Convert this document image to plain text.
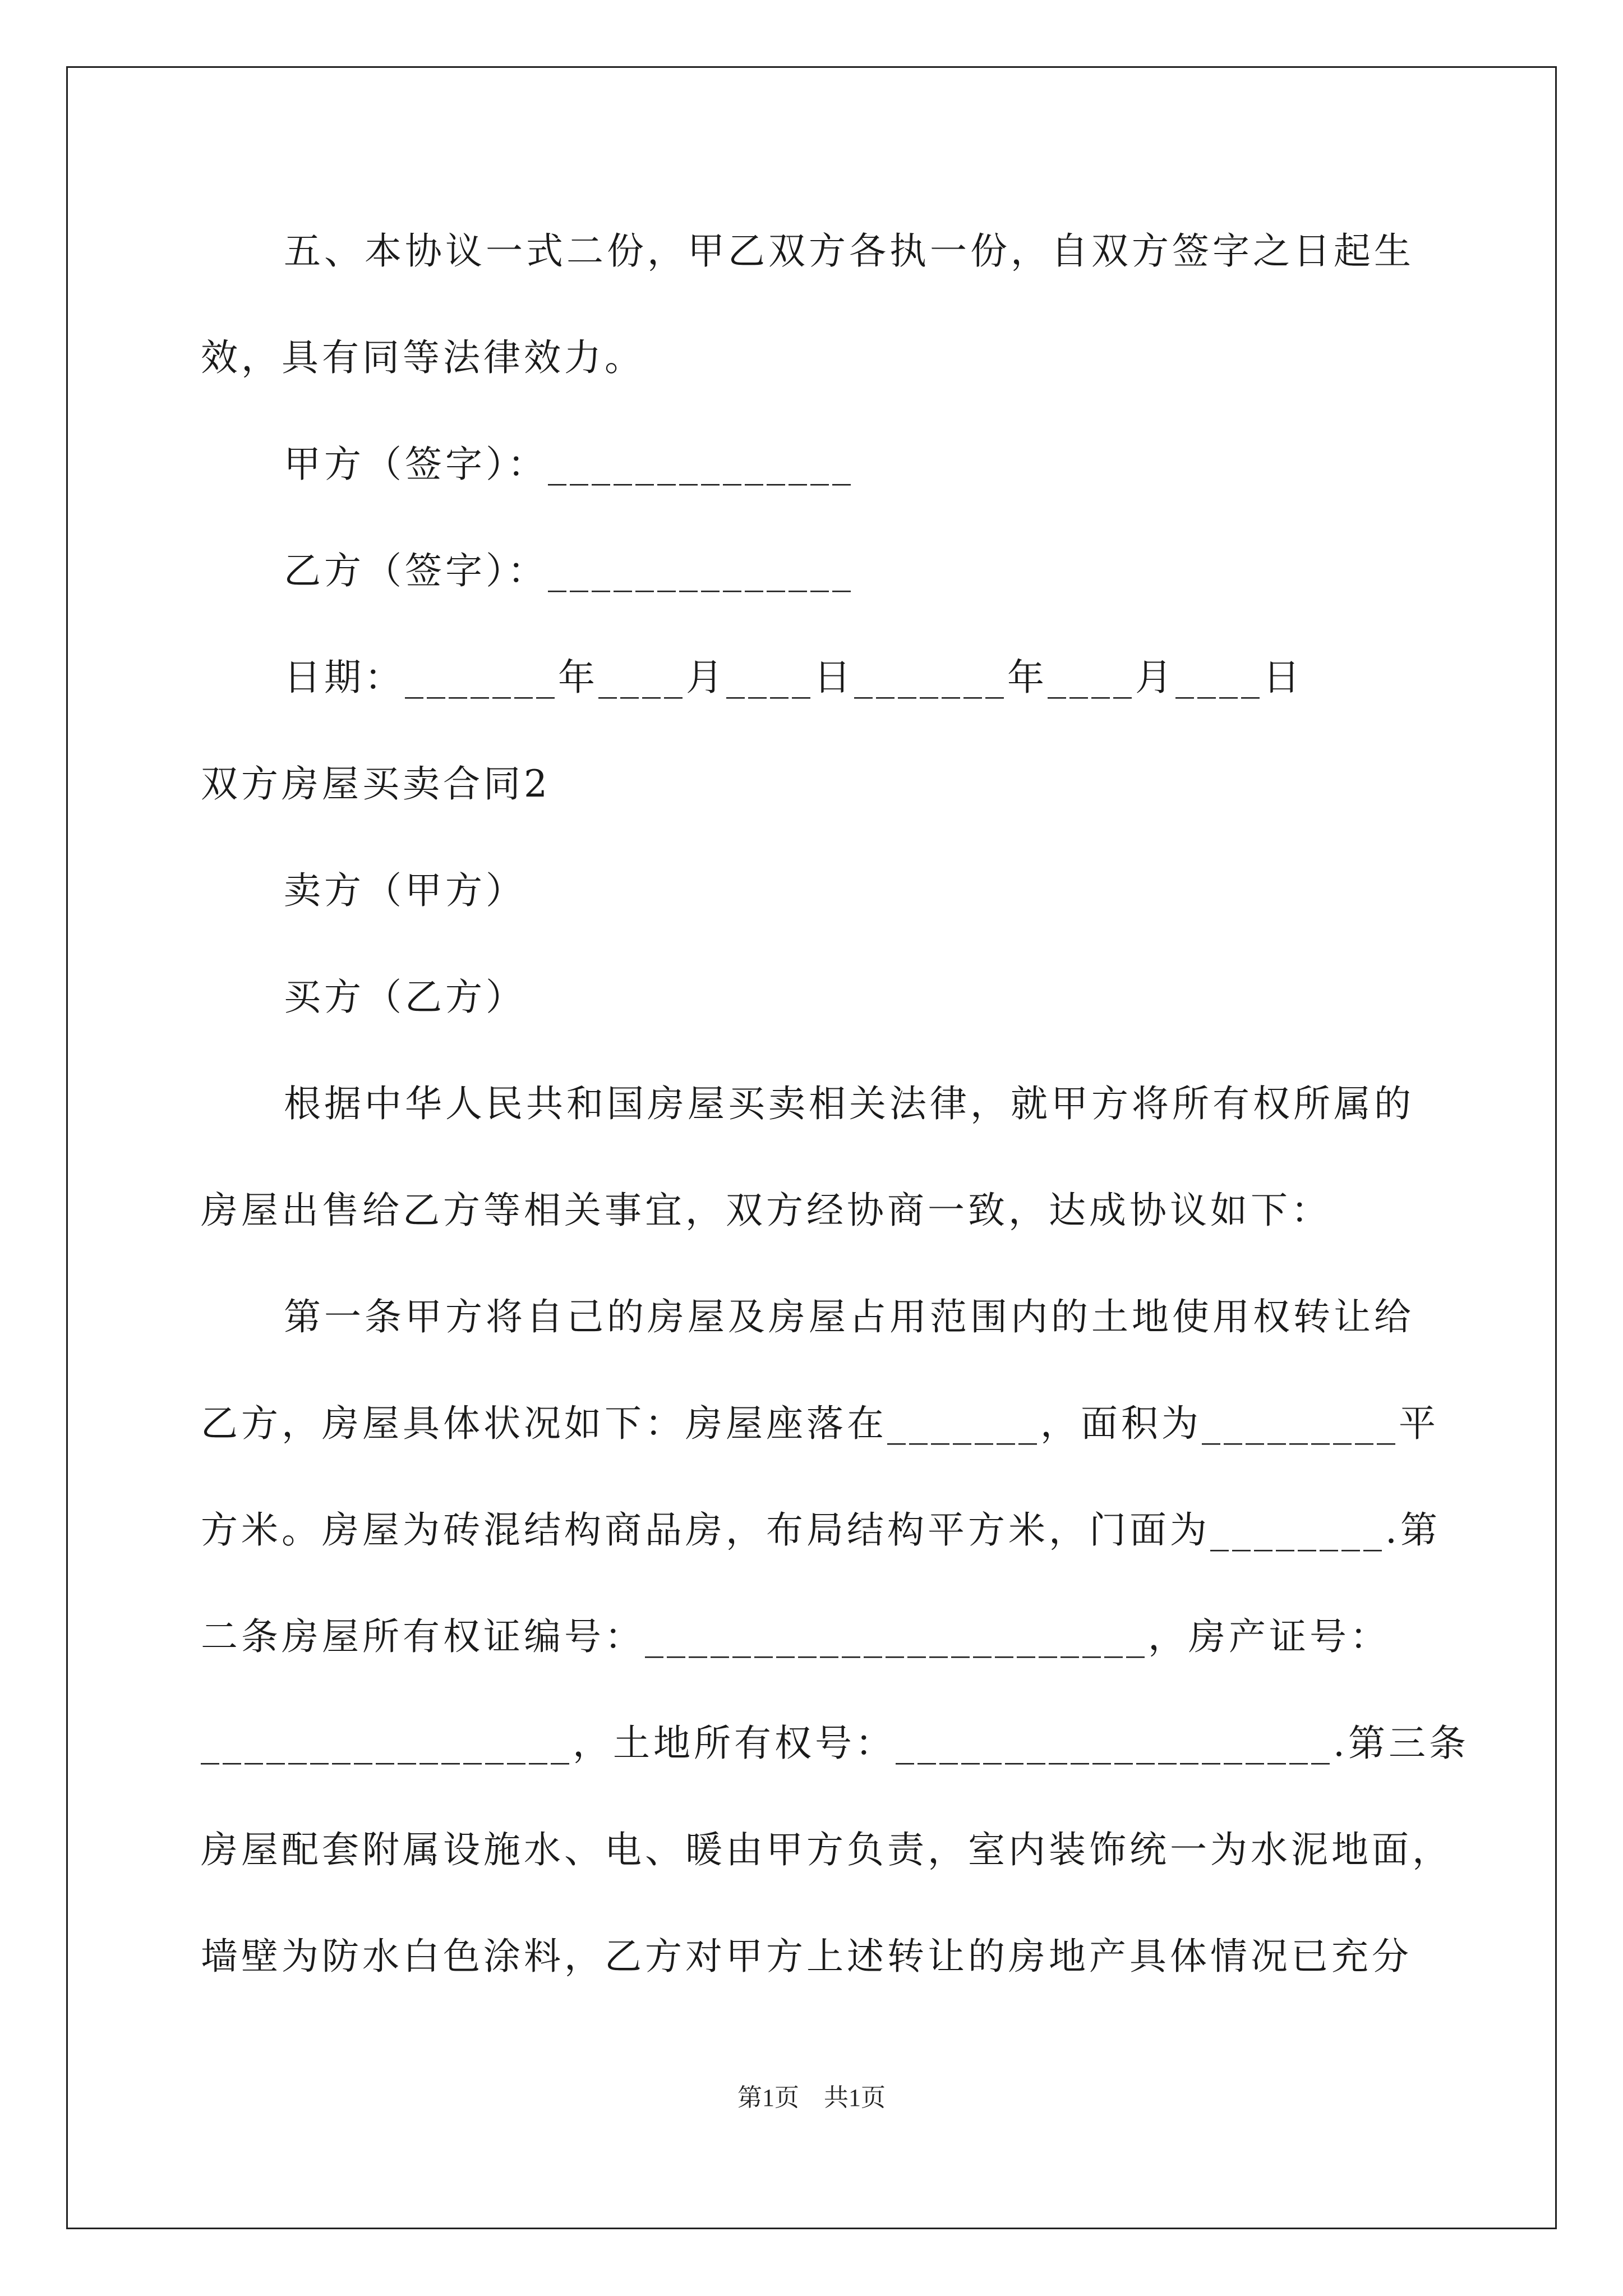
五、本协议一式二份，甲乙双方各执一份，自双方签字之日起生
效，具有同等法律效力。
甲方（签字）：______________
乙方（签字）：______________
日期：_______年____月____日_______年____月____日
双方房屋买卖合同2
卖方（甲方）
买方（乙方）
根据中华人民共和国房屋买卖相关法律，就甲方将所有权所属的
房屋出售给乙方等相关事宜，双方经协商一致，达成协议如下：
第一条甲方将自己的房屋及房屋占用范围内的土地使用权转让给
乙方，房屋具体状况如下：房屋座落在_______，面积为_________平
方米。房屋为砖混结构商品房，布局结构平方米，门面为________.第
二条房屋所有权证编号：_______________________，房产证号：
_________________，土地所有权号：____________________.第三条
房屋配套附属设施水、电、暖由甲方负责，室内装饰统一为水泥地面，
墙壁为防水白色涂料，乙方对甲方上述转让的房地产具体情况已充分
第1页　共1页
